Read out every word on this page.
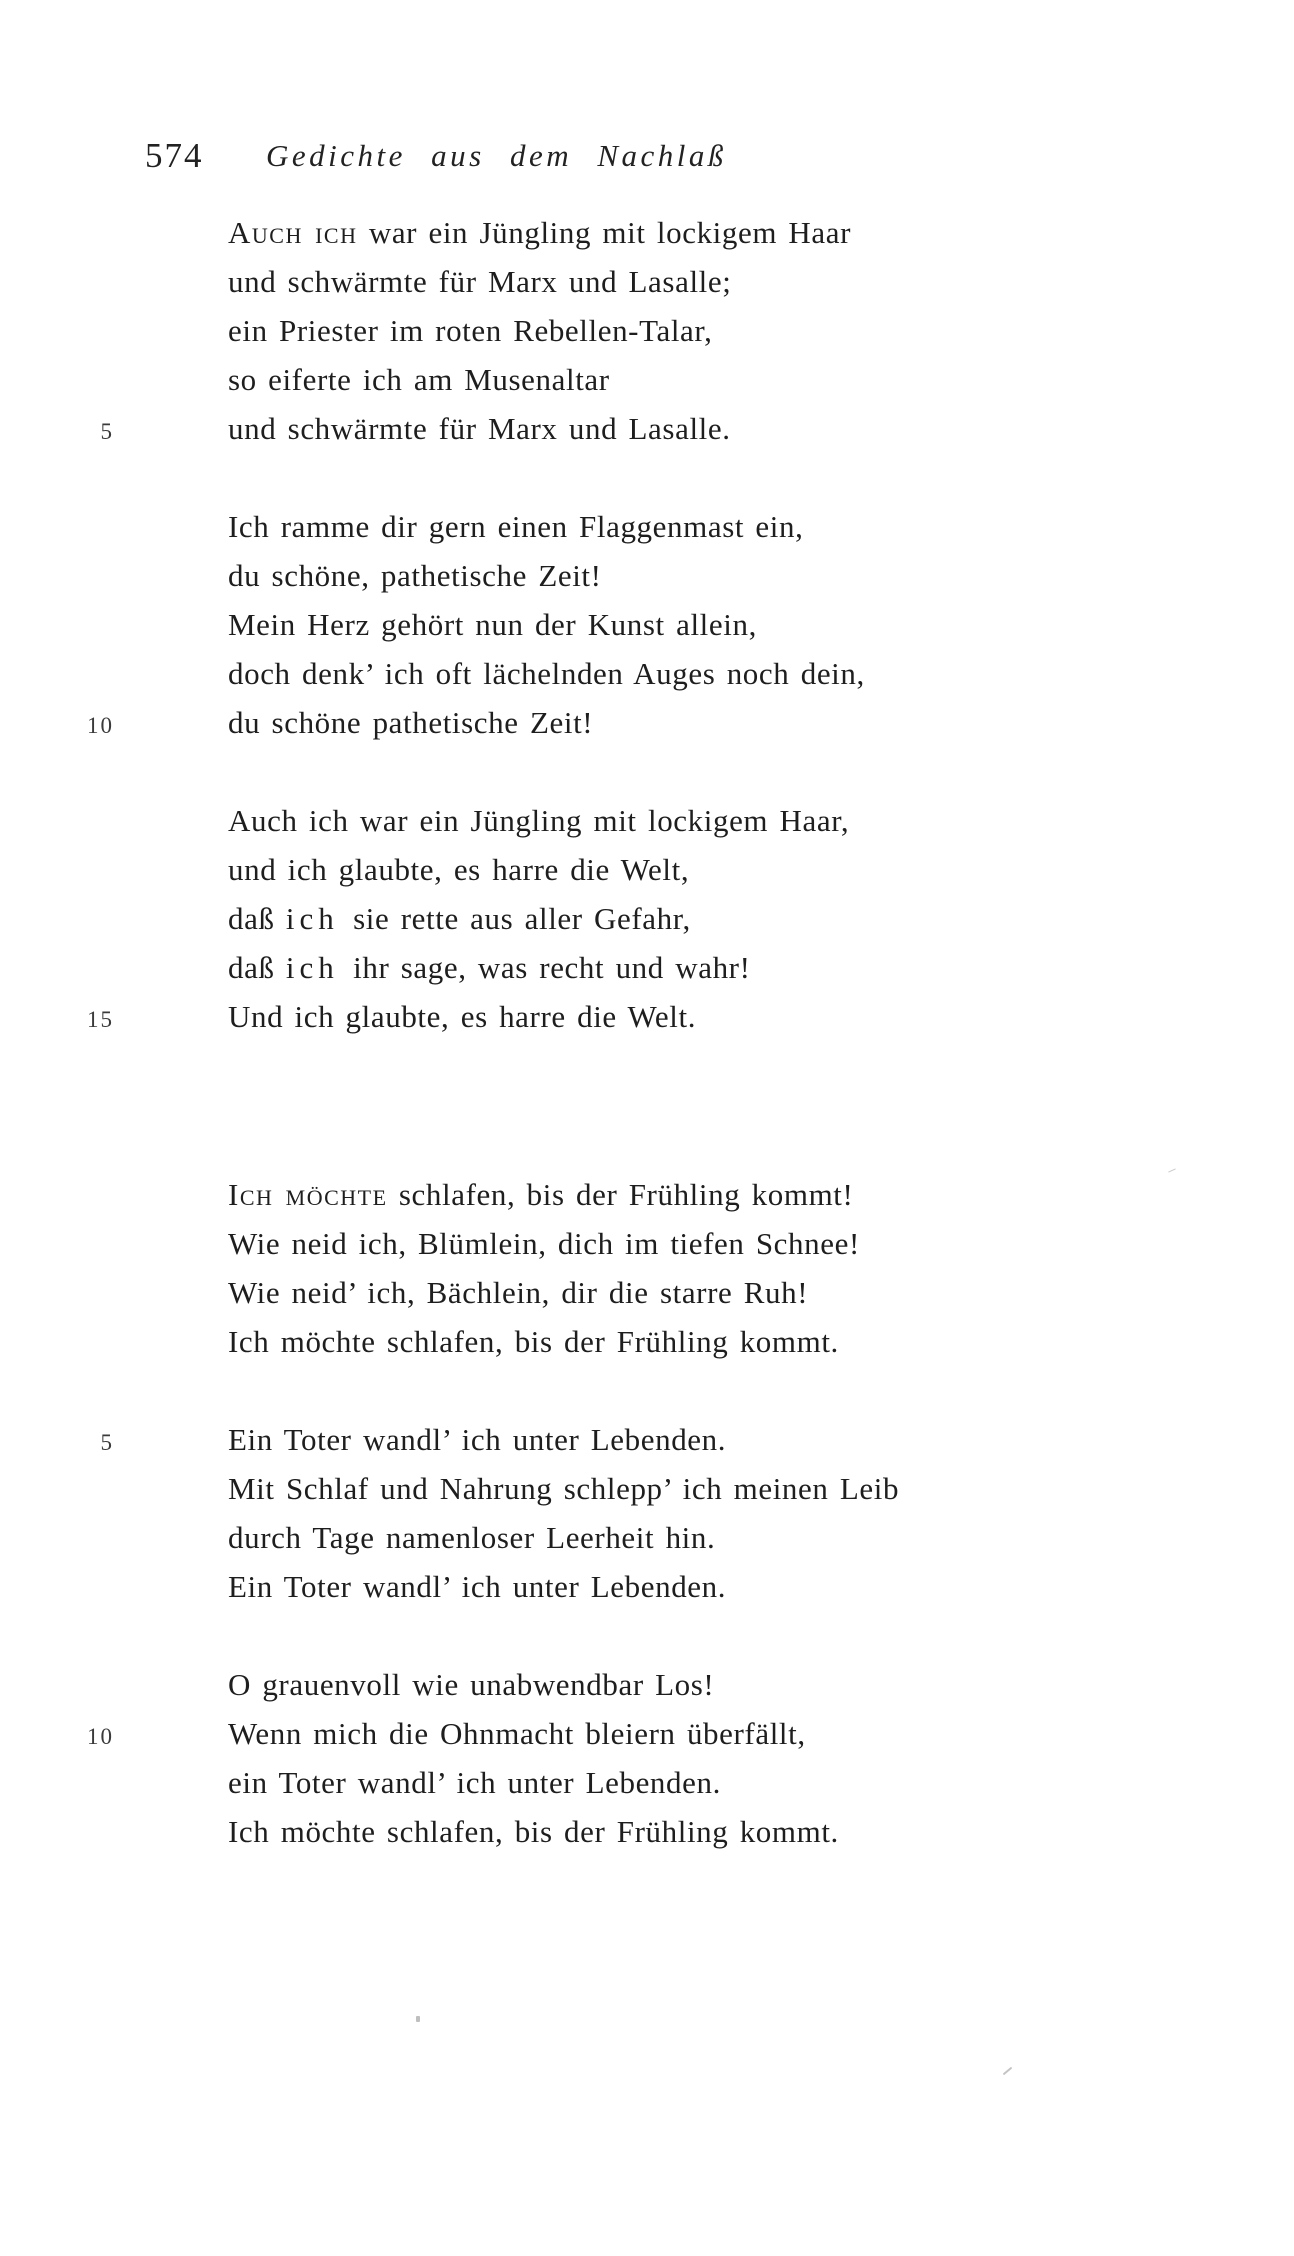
574 Gedichte aus dem Nachlaß
Auch ich war ein Jüngling mit lockigem Haar
und schwärmte für Marx und Lasalle;
ein Priester im roten Rebellen-Talar,
so eiferte ich am Musenaltar
5	und schwärmte für Marx und Lasalle.
Ich ramme dir gern einen Flaggenmast ein,
du schöne, pathetische Zeit!
Mein Herz gehört nun der Kunst allein,
doch denk’ ich oft lächelnden Auges noch dein,
10	du schöne pathetische Zeit!
Auch ich war ein Jüngling mit lockigem Haar,
und ich glaubte, es harre die Welt,
daß ich sie rette aus aller Gefahr,
daß ich ihr sage, was recht und wahr!
15	Und ich glaubte, es harre die Welt.
Ich möchte schlafen, bis der Frühling kommt!
Wie neid ich, Blümlein, dich im tiefen Schnee!
Wie neid’ ich, Bächlein, dir die starre Ruh!
Ich möchte schlafen, bis der Frühling kommt.
5	Ein Toter wandl’ ich unter Lebenden.
Mit Schlaf und Nahrung schlepp’ ich meinen Leib
durch Tage namenloser Leerheit hin.
Ein Toter wandl’ ich unter Lebenden.
O grauenvoll wie unabwendbar Los!
10	Wenn mich die Ohnmacht bleiern überfällt,
ein Toter wandl’ ich unter Lebenden.
Ich möchte schlafen, bis der Frühling kommt.
